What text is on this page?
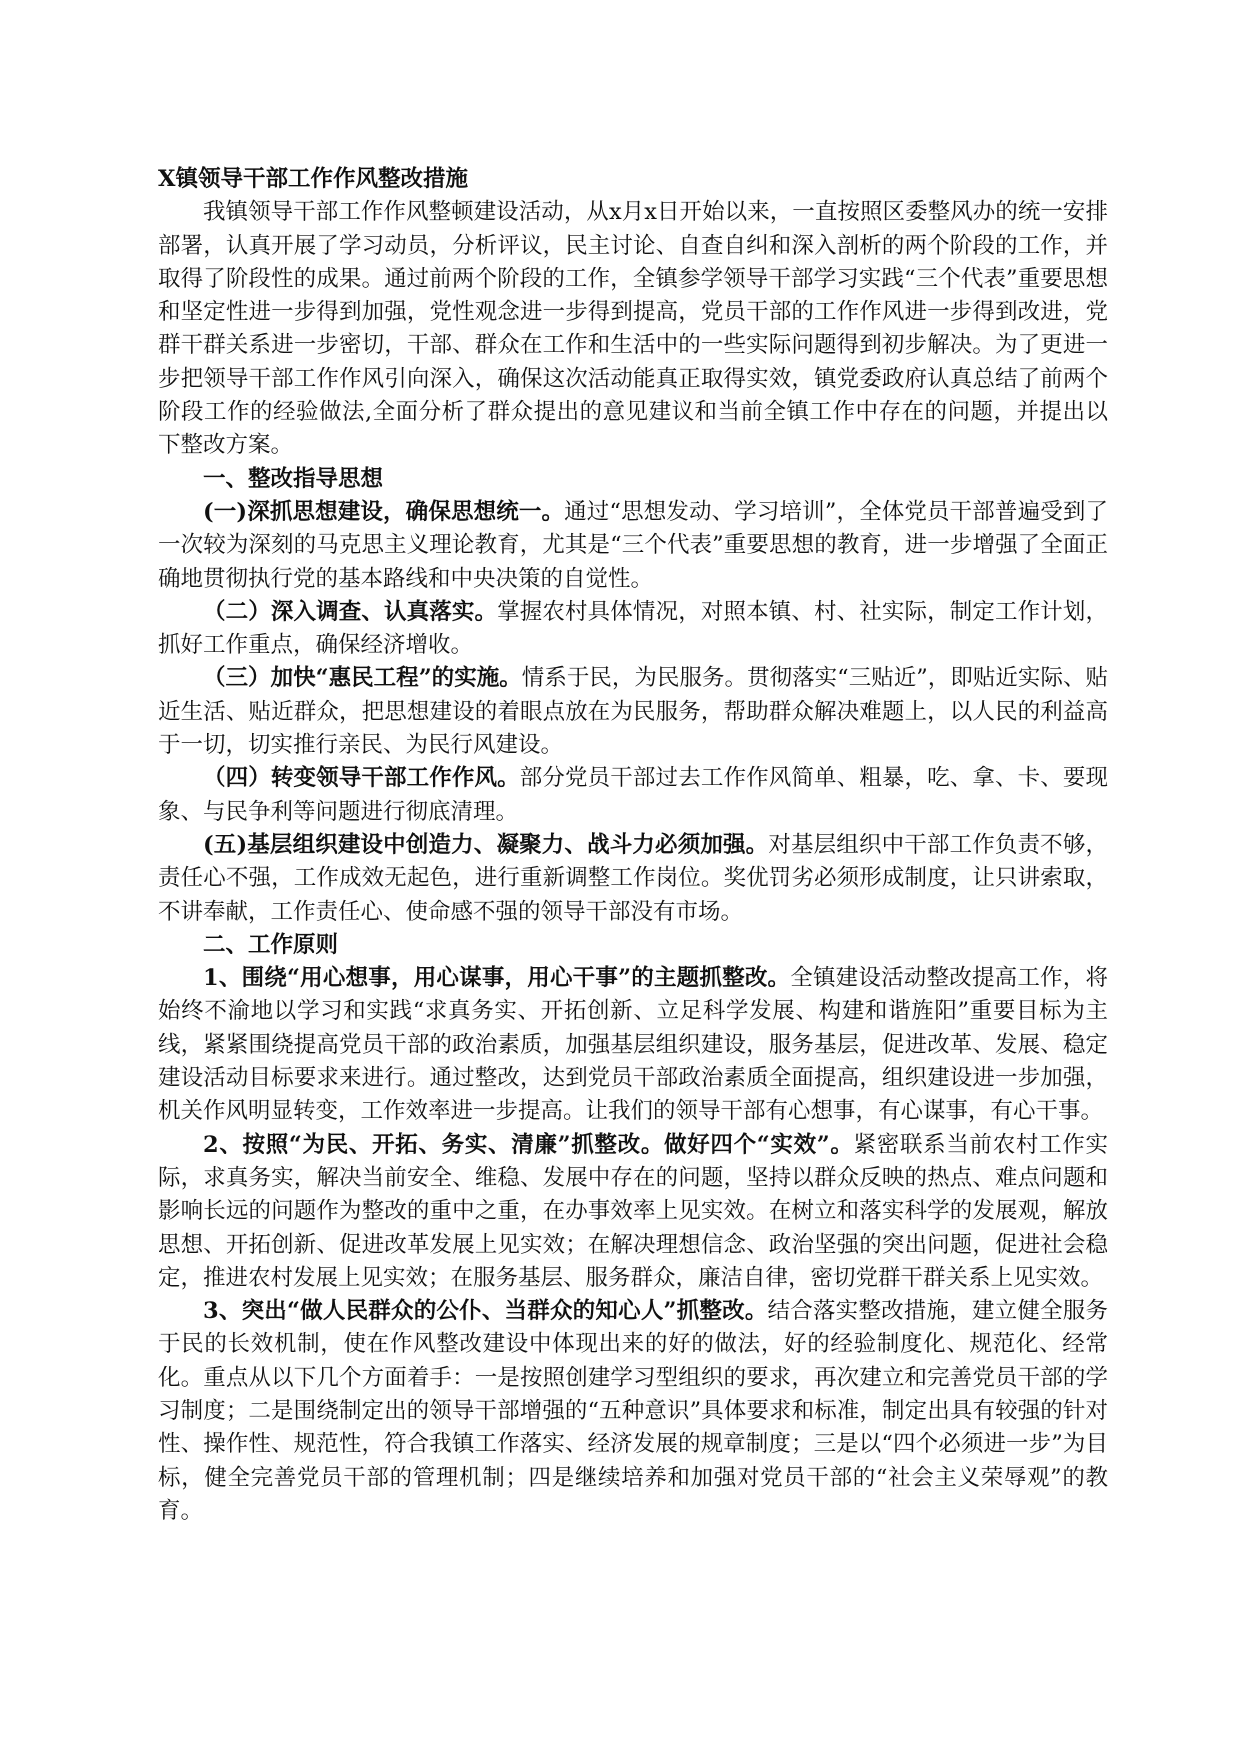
X镇领导干部工作作风整改措施

我镇领导干部工作作风整顿建设活动，从x月x日开始以来，一直按照区委整风办的统一安排部署，认真开展了学习动员，分析评议，民主讨论、自查自纠和深入剖析的两个阶段的工作，并取得了阶段性的成果。通过前两个阶段的工作，全镇参学领导干部学习实践“三个代表”重要思想和坚定性进一步得到加强，党性观念进一步得到提高，党员干部的工作作风进一步得到改进，党群干群关系进一步密切，干部、群众在工作和生活中的一些实际问题得到初步解决。为了更进一步把领导干部工作作风引向深入，确保这次活动能真正取得实效，镇党委政府认真总结了前两个阶段工作的经验做法,全面分析了群众提出的意见建议和当前全镇工作中存在的问题，并提出以下整改方案。

一、整改指导思想

(一)深抓思想建设，确保思想统一。通过“思想发动、学习培训”，全体党员干部普遍受到了一次较为深刻的马克思主义理论教育，尤其是“三个代表”重要思想的教育，进一步增强了全面正确地贯彻执行党的基本路线和中央决策的自觉性。

（二）深入调查、认真落实。掌握农村具体情况，对照本镇、村、社实际，制定工作计划，抓好工作重点，确保经济增收。

（三）加快“惠民工程”的实施。情系于民，为民服务。贯彻落实“三贴近”，即贴近实际、贴近生活、贴近群众，把思想建设的着眼点放在为民服务，帮助群众解决难题上，以人民的利益高于一切，切实推行亲民、为民行风建设。

（四）转变领导干部工作作风。部分党员干部过去工作作风简单、粗暴，吃、拿、卡、要现象、与民争利等问题进行彻底清理。

(五)基层组织建设中创造力、凝聚力、战斗力必须加强。对基层组织中干部工作负责不够，责任心不强，工作成效无起色，进行重新调整工作岗位。奖优罚劣必须形成制度，让只讲索取，不讲奉献，工作责任心、使命感不强的领导干部没有市场。

二、工作原则

1、围绕“用心想事，用心谋事，用心干事”的主题抓整改。全镇建设活动整改提高工作，将始终不渝地以学习和实践“求真务实、开拓创新、立足科学发展、构建和谐旌阳”重要目标为主线，紧紧围绕提高党员干部的政治素质，加强基层组织建设，服务基层，促进改革、发展、稳定建设活动目标要求来进行。通过整改，达到党员干部政治素质全面提高，组织建设进一步加强，机关作风明显转变，工作效率进一步提高。让我们的领导干部有心想事，有心谋事，有心干事。

2、按照“为民、开拓、务实、清廉”抓整改。做好四个“实效”。紧密联系当前农村工作实际，求真务实，解决当前安全、维稳、发展中存在的问题，坚持以群众反映的热点、难点问题和影响长远的问题作为整改的重中之重，在办事效率上见实效。在树立和落实科学的发展观，解放思想、开拓创新、促进改革发展上见实效；在解决理想信念、政治坚强的突出问题，促进社会稳定，推进农村发展上见实效；在服务基层、服务群众，廉洁自律，密切党群干群关系上见实效。

3、突出“做人民群众的公仆、当群众的知心人”抓整改。结合落实整改措施，建立健全服务于民的长效机制，使在作风整改建设中体现出来的好的做法，好的经验制度化、规范化、经常化。重点从以下几个方面着手：一是按照创建学习型组织的要求，再次建立和完善党员干部的学习制度；二是围绕制定出的领导干部增强的“五种意识”具体要求和标准，制定出具有较强的针对性、操作性、规范性，符合我镇工作落实、经济发展的规章制度；三是以“四个必须进一步”为目标，健全完善党员干部的管理机制；四是继续培养和加强对党员干部的“社会主义荣辱观”的教育。
